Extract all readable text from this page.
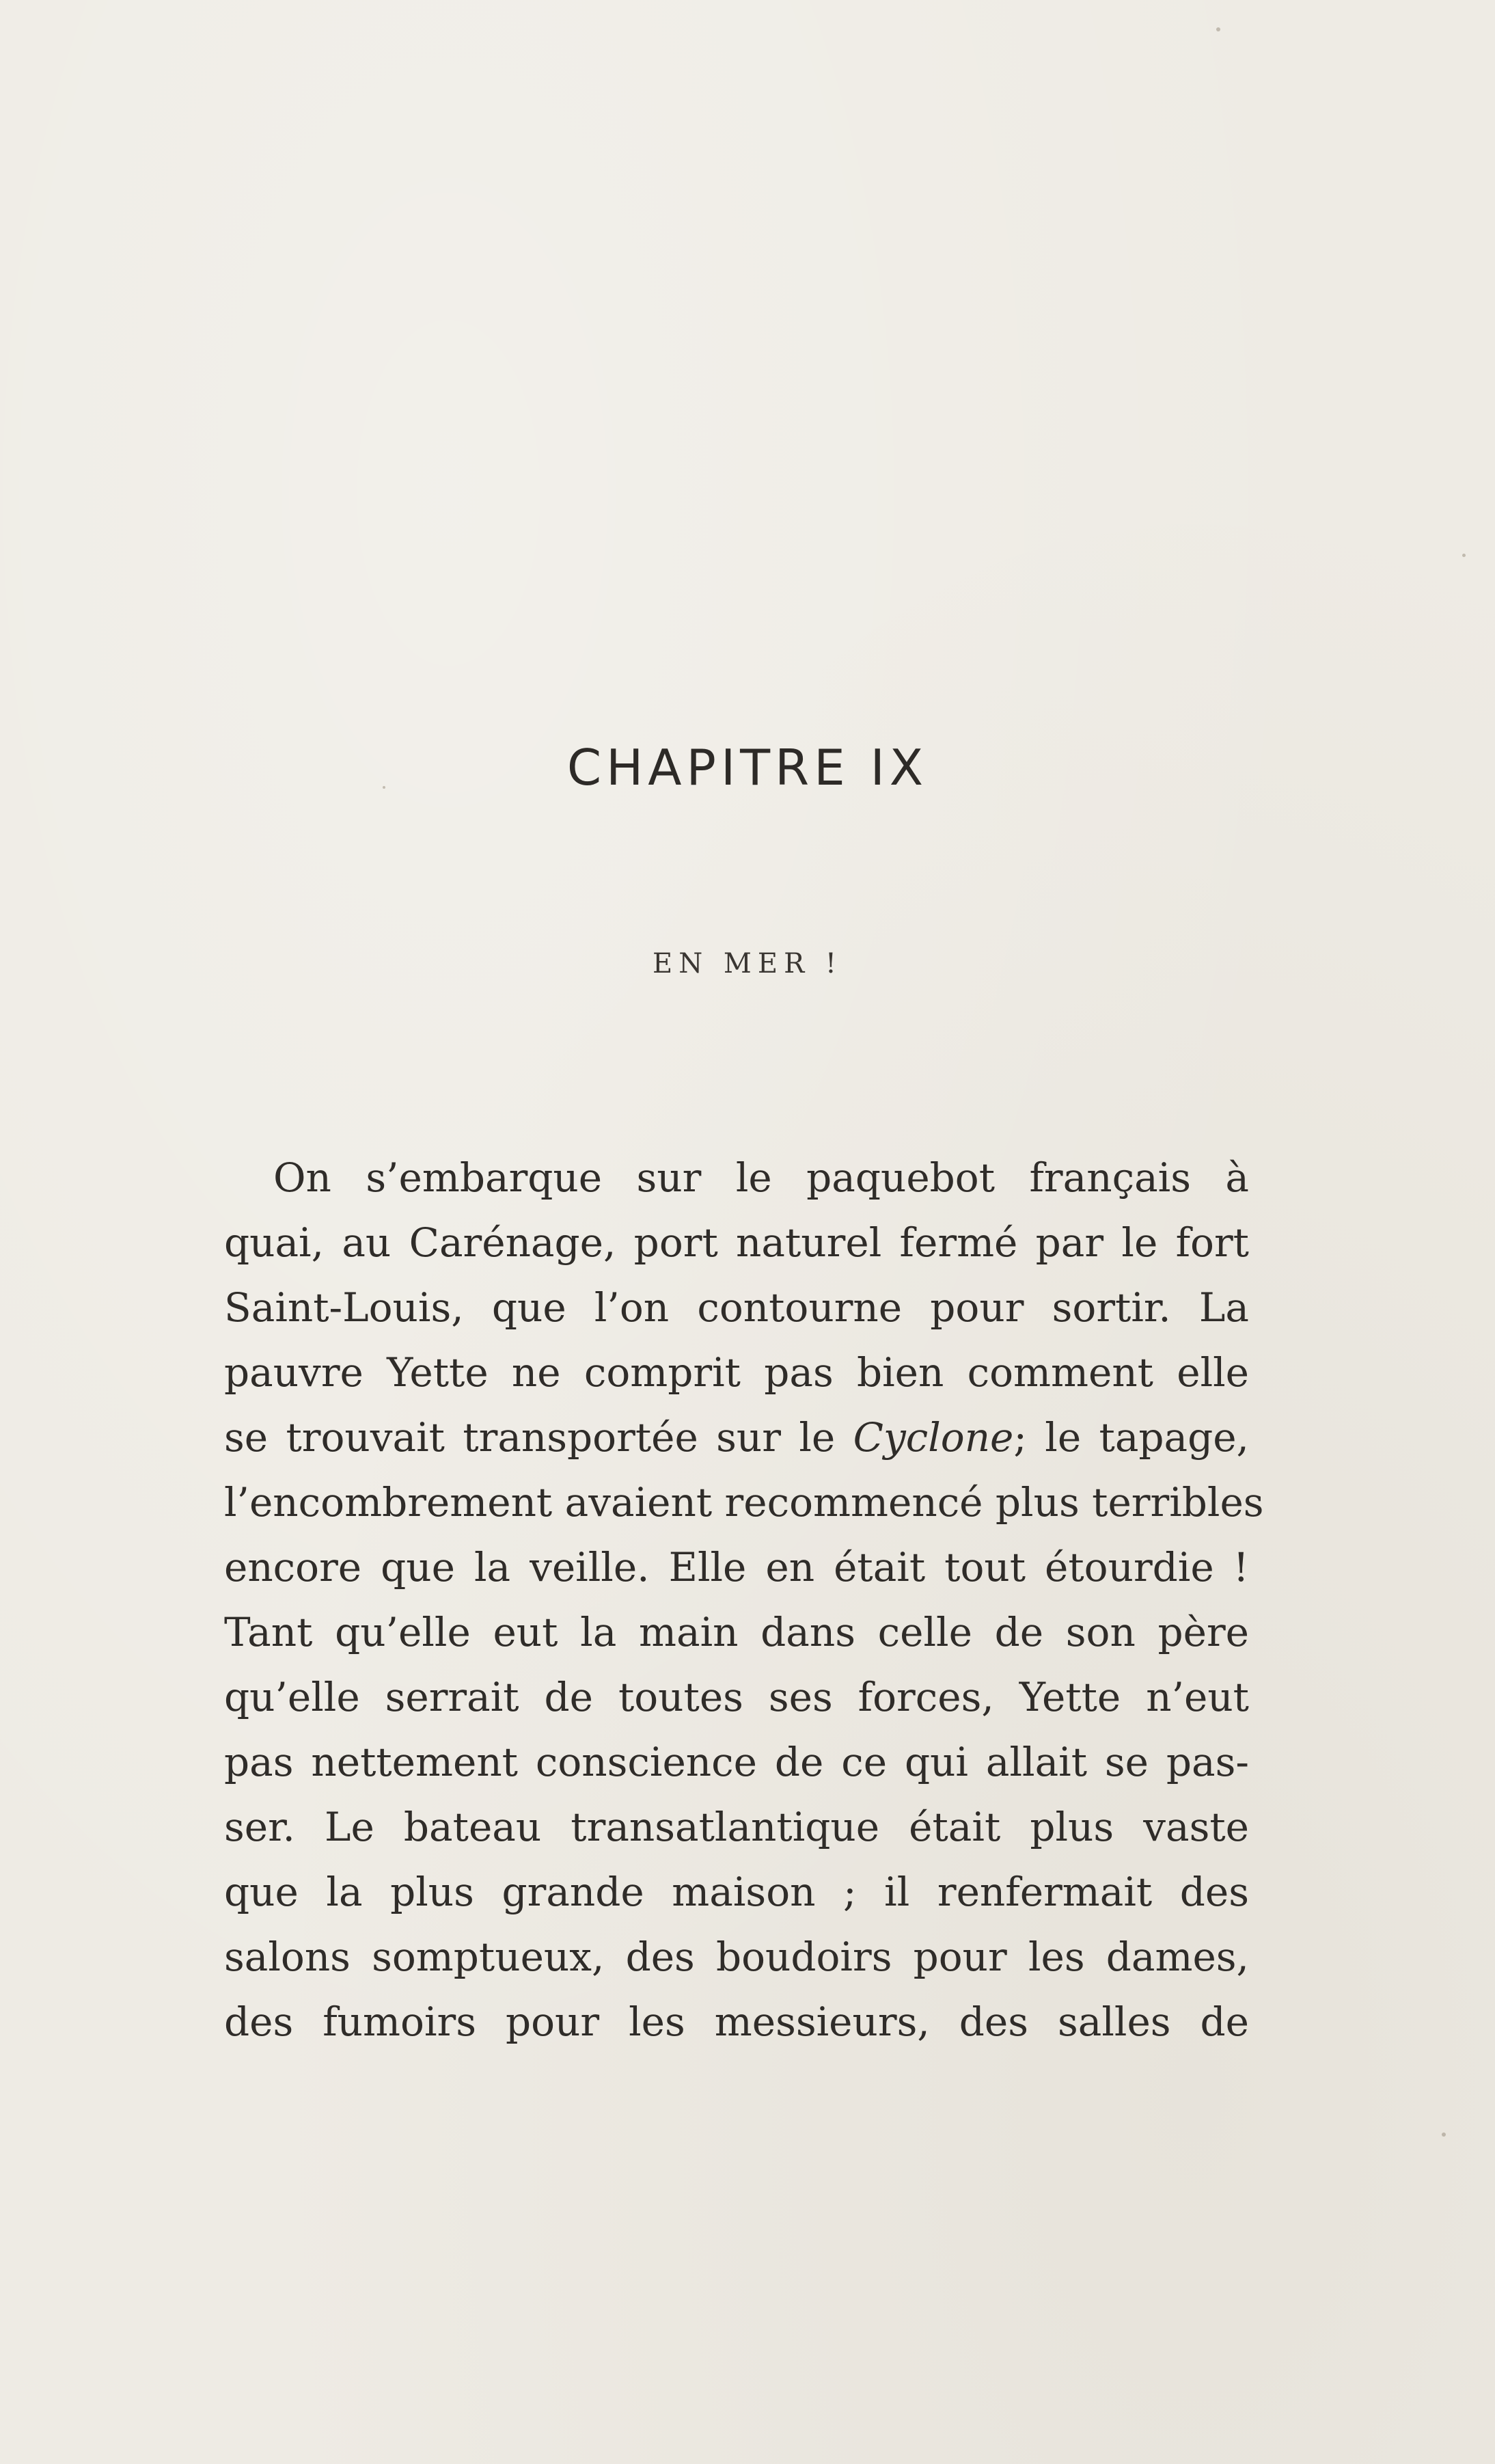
CHAPITRE IX

EN MER !

On s’embarque sur le paquebot français à
quai, au Carénage, port naturel fermé par le fort
Saint-Louis, que l’on contourne pour sortir. La
pauvre Yette ne comprit pas bien comment elle
se trouvait transportée sur le Cyclone; le tapage,
l’encombrement avaient recommencé plus terribles
encore que la veille. Elle en était tout étourdie !
Tant qu’elle eut la main dans celle de son père
qu’elle serrait de toutes ses forces, Yette n’eut
pas nettement conscience de ce qui allait se pas-
ser. Le bateau transatlantique était plus vaste
que la plus grande maison ; il renfermait des
salons somptueux, des boudoirs pour les dames,
des fumoirs pour les messieurs, des salles de
